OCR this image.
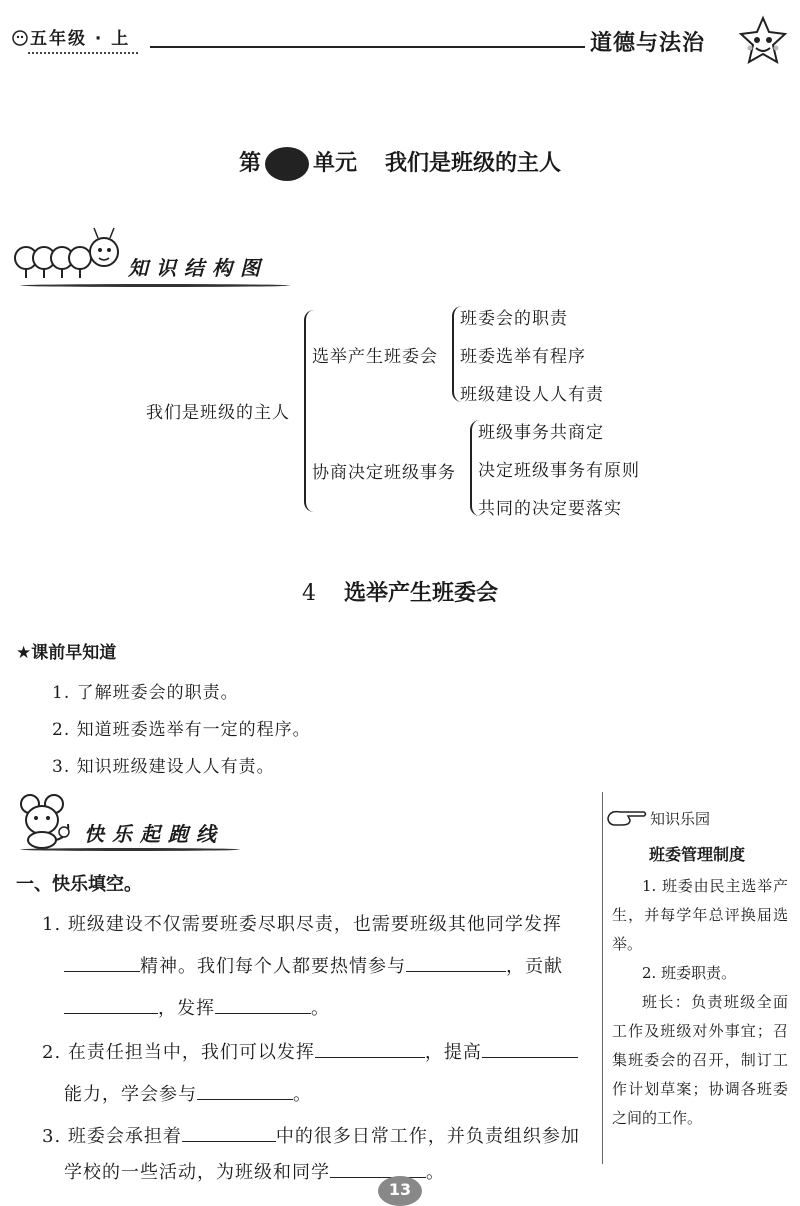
五年级 · 上	道德与法治
第 单元 我们是班级的主人
知识结构图
我们是班级的主人
选举产生班委会
班委会的职责
班委选举有程序
班级建设人人有责
协商决定班级事务
班级事务共商定
决定班级事务有原则
共同的决定要落实
4 选举产生班委会
★课前早知道
1. 了解班委会的职责。
2. 知道班委选举有一定的程序。
3. 知识班级建设人人有责。
快乐起跑线
一、快乐填空。
1. 班级建设不仅需要班委尽职尽责，也需要班级其他同学发挥
精神。我们每个人都要热情参与	，贡献
，发挥	。
2. 在责任担当中，我们可以发挥	，提高
能力，学会参与	。
3. 班委会承担着	中的很多日常工作，并负责组织参加
学校的一些活动，为班级和同学	。
知识乐园
班委管理制度

1. 班委由民主选举产生，并每学年总评换届选举。

2. 班委职责。

班长：负责班级全面工作及班级对外事宜；召集班委会的召开，制订工作计划草案；协调各班委之间的工作。

13
